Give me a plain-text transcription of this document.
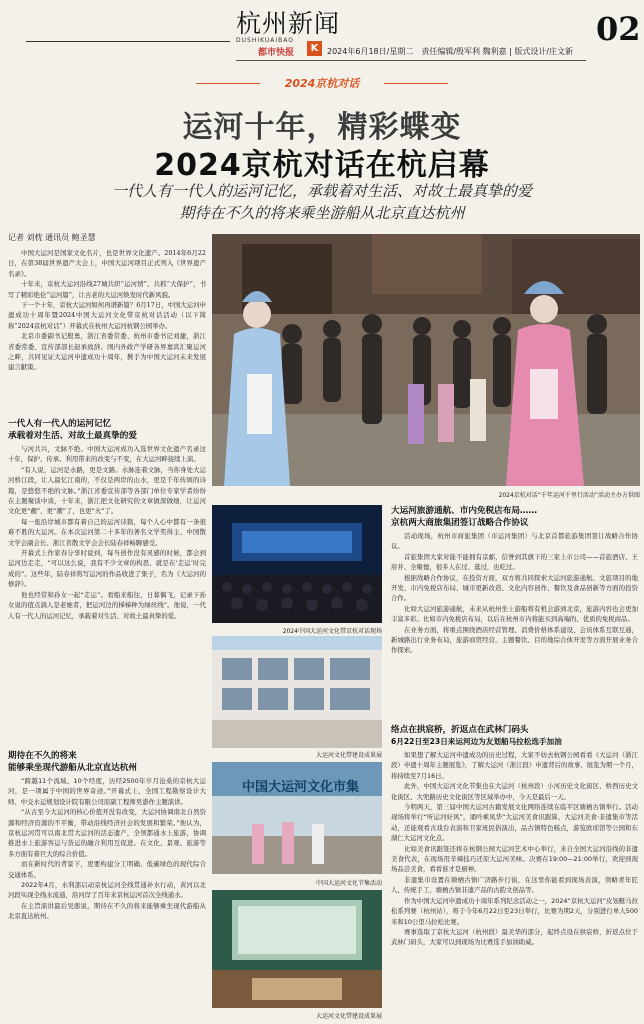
杭州新闻
DUSHIKUAIBAO
都市快报	K	2024年6月18日/星期二　责任编辑/殷军利 魏利嘉 | 版式设计/庄文新
02
2024京杭对话
运河十年，精彩蝶变
2024京杭对话在杭启幕
一代人有一代人的运河记忆，承载着对生活、对故土最真挚的爱
期待在不久的将来乘坐游船从北京直达杭州
记者 刘枕 通讯员 鲍圣慧

中国大运河是国家文化名片，也是世界文化遗产。2014年6月22日，在第38届世界遗产大会上，中国大运河项目正式列入《世界遗产名录》。

十年来，京杭大运河沿线27城共织“运河情”、共抓“大保护”，书写了精彩绝伦“运河篇”，让古老的大运河焕发时代新风貌。

下一个十年，京杭大运河如何再谱新篇？6月17日，中国大运河申遗成功十周年暨2024中国大运河文化带京杭对话活动（以下简称“2024京杭对话”）开幕式在杭州大运河杭钢公园举办。

北京市委副书记殷勇，浙江省委常委、杭州市委书记刘捷，浙江省委常委、宣传部部长赵承致辞。国内外政产学研各界嘉宾汇聚运河之畔，共同见证大运河申遗成功十周年，携手为中国大运河未来发展建言献策。

一代人有一代人的运河记忆
承载着对生活、对故土最真挚的爱

与河共兴，文脉不绝。中国大运河成功入选世界文化遗产名录这十年，保护、传承、利用带来的改变与不变，在大运河畔接续上演。

“有人说，运河是水路，更是文路。水脉连着文脉，当你身处大运河桥江段，让人最忆江南的，不仅是两岸的山水，更是千年传颂的诗篇，是悠悠不绝的文脉。”浙江省委宣传部等各部门单位专家学者纷纷在主题聚谈中谈，十年来，浙江把文化研究的文章做深做细，让运河文化更“靓”、更“潮”了，也更“火”了。

每一座沿岸城市都有着自己的运河诗篇，每个人心中都有一条很难不胜的大运河。在本次运河第二十多年的著名文学奖得主、中国散文学会副会长、浙江省散文学会会长陆春祥畅聊感受。

开幕式上作家春分享时说到，每当创作没有灵感的时候，都会到运河边走走，“可以这么说，我有不少文章的构思，就是在‘走运’时完成的”。这些年，陆春祥将写运河的作品收进了集子，名为《大运河的修辞》。

他也经常和孙女一起“走运”。看船来船往，日暮偶飞，记录下孙女说的值点滴人是老她者，把运河边的梯梯种为绿丝线”。他说，一代人有一代人的运河记忆，承载着对生活、对故土最真挚的爱。

期待在不久的将来
能够乘坐现代游船从北京直达杭州

“跨越11个流域、10个经度，历经2500年岁月沧桑的京杭大运河，是一项属于中国的世界奇迹。”开幕式上，全国工程勘察设计大师、中交水运规划设计院有限公司原副工程师吴澎作主题演讲。

“从古至今大运河的核心价值开没有改变，大运河协调南北自然资源和经济资源的不平衡，带动沿线经济社会的发展和繁荣。”他认为，京杭运河贯可以南北贯大运河的活态遗产，全领都通水上旅游，协调推进水上旅游客运与货运的融合利用互促进。在文化、景观、旅游等多方面有着巨大的综合价值。

而在新时代的背景下，更要构建分工明确、低碳绿色的现代综合交通体系。

2022年4月，水利部启动京杭运河全线贯通补水行动，黄河以北河段实现全线水流通，沿河岸了百年来京杭运河首次全线通水。

在主旨演讲最后吴澎说，期待在不久的将来能够乘坐现代游船从北京直达杭州。

2024京杭对话“千年运河千里行活动”活动主办方供图
2024中国大运河文化带京杭对话现场
大运河文化带建设成果展
中国大运河文化市集
中国大运河文化节集活动
大运河文化带建设成果展
大运河旅游通航、市内免税店布局……
京杭两大商旅集团签订战略合作协议

活动现场，杭州市商旅集团（市运河集团）与北京首都旅游集团签订战略合作协议。

首旅集团大家对能不能拥有京邮，信誉到其旗下的三家上市公司——首旅酒店、王府井、全聚德，很多人在过、逛过，也吃过。

根据战略合作协议，在投资方面，双方将共同探索大运河旅游通航、文旅项目的地开发、市内免税店布局、城市更新改造、文化内容创作、餐饮及食品创新等方面的投资合作。

比如大运河旅游通航，未来从杭州坐上游船将有机会游到北京，旅游内容也会更加丰富多彩。比如市内免税店布局，以后在杭州市内将能买到高端的、优质的免税商品。

在业务方面，将重点围绕酒店经营管理、消费价格体系建设、会员体系互联互通，新城路出行业务布局，旅游商贸经营，主题餐饮、目的地综合体开发等方面开展业务合作探索。

络点在拱宸桥，折返点在武林门码头
6月22日至23日来运河边为友划船马拉松选手加油

如果想了解大运河申遗成功的历史过程，大家不妨去杭钢公园看看《大运河（浙江段）申遗十周年主题展览》，了解大运河（浙江段）申遗背后的故事，展览为期一个月，将持续至7月16日。

此外，中国大运河文化节集也在大运河（杭州段）小河历史文化街区、桥西历史文化街区、大兜路历史文化街区等区域举办中，今天是最后一天。

今明两天，第三届中国大运河古籍发展文化网络连续在临平区塘栖古镇举行。活动现场将举行“听运河好风”，诵吟乘凤华”大运河美食讯跟算、大运河美食·非遗集市等活动，还能观看古戏台表演和卫家班民俗演出，品古镇特色糕点，游览欧瑶馆等公园和东湖仁大运河文化点。

比如美食讯跟签还将在杭钢公园大运河艺术中心举行，来自全国大运河沿线的非遗美食代表，在现场用辛辣技巧还原大运河美味。决赛在19:00—21:00举行，欢迎到现场品尝美食，看看谁才是厨神。

非遗集市设置在塘栖古镇广济路步行街，在这里你能看到现场表演，领略青年匠人、传统手工、塘栖古镇非遗产品的古韵文创品等。

作为中国大运河申遗成功十周年系列纪念活动之一，2024“京杭大运河”皮划艇马拉松系列赛（杭州站），将于今年6月22日至23日举行，比赛为期2天，分别进行单人500米和10公里马拉松比赛。

赛事选取了京杭大运河（杭州段）最美华的部分，起终点设在拱宸桥，折返点位于武林门码头，大家可以到现场为比赛选手加油助威。
